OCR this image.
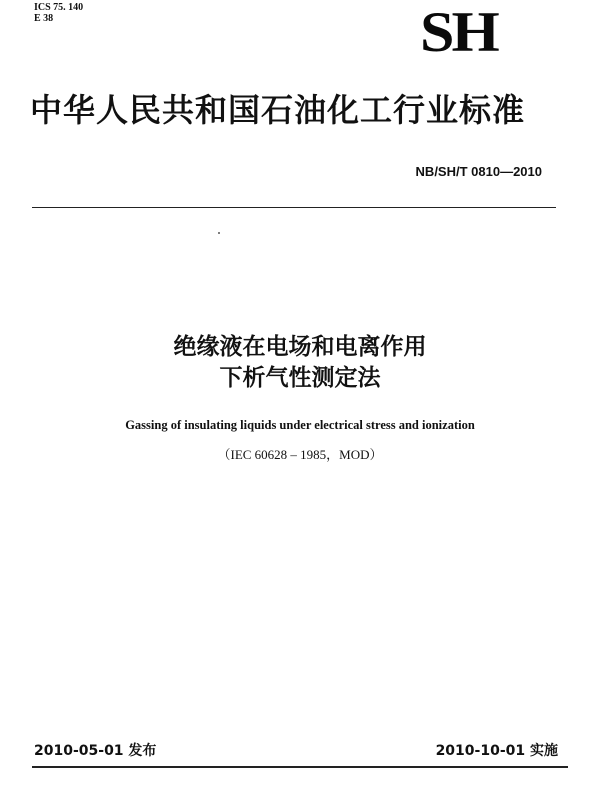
ICS 75. 140
E 38	SH
中华人民共和国石油化工行业标准
NB/SH/T 0810—2010
绝缘液在电场和电离作用
下析气性测定法
Gassing of insulating liquids under electrical stress and ionization
（IEC 60628 – 1985，MOD）
2010-05-01 发布	2010-10-01 实施
